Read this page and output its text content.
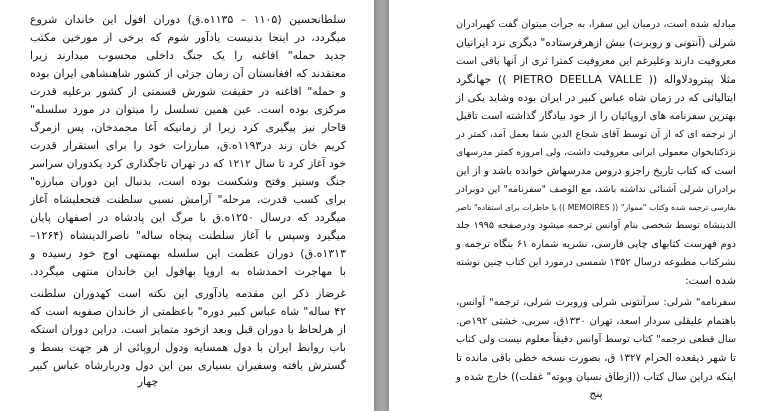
سلطانحسین (۱۱۰۵ – ۱۱۳۵ه.ق) دوران افول این خاندان شروع
میگردد، در اینجا بدنیست یادآور شوم که برخی از مورخین مکتب
جدید حمله" افاغنه را یک جنگ داخلی محسوب میدارند زیرا
معتقدند که افغانستان آن زمان جزئی از کشور شاهنشاهی ایران بوده
و حمله" افاغنه در حقیقت شورش قسمتی از کشور برعلیه قدرت
مرکزی بوده است. عین همین تسلسل را میتوان در مورد سلسله"
قاجار نیز پیگیری کرد زیرا از زمانیکه آغا محمدخان، پس ازمرگ
کریم خان زند در۱۱۹۳ه.ق، مبارزات خود را برای استقرار قدرت
خود آغاز کرد تا سال ۱۲۱۲ که در تهران تاجگذاری کرد یکدوران سراسر
جنگ وستیز وفتح وشکست بوده است، بدنبال این دوران مبارزه"
برای کسب قدرت، مرحله" آرامش نسبی سلطنت فتحعلیشاه آغاز
میگردد که درسال ۱۲۵۰ه.ق با مرگ این پادشاه در اصفهان پایان
میگیرد وسپس با آغاز سلطنت پنجاه ساله" ناصرالدینشاه (۱۲۶۴–
۱۳۱۳ه.ق) دوران عظمت این سلسله بهمنتهی اوج خود رسیده و
با مهاجرت احمدشاه به اروپا بهافول این خاندان منتهی میگردد.
غرضاز ذکر این مقدمه یادآوری این نکته است کهدوران سلطنت
۴۲ ساله" شاه عباس کبیر دوره" باعظمتی از خاندان صفویه است که
از هرلحاظ با دوران قبل وبعد ازخود متمایز است. دراین دوران استکه
باب روابط ایران با دول همسایه ودول اروپائی از هر جهت بسط و
گسترش یافته وسفیران بسیاری بین این دول ودربارشاه عباس کبیر
چهار
مبادله شده است، درمیان این سفرا، به جرأت میتوان گفت کهبرادران
شرلی (آنتونی و روبرت) بیش ازهرفرستاده" دیگری نزد ایرانیان
معروفیت دارند وعلیرغم این معروفیت کمترا ثری از آنها باقی است
مثلا پیترودلاواله (( PIETRO DEELLA VALLE )) جهانگرد
ایتالیائی که در زمان شاه عباس کبیر در ایران بوده وشاید یکی از
بهترین سفرنامه های اروپائیان را از خود بیادگار گذاشته است تاقبل
از ترجمه ای که از آن توسط آقای شجاع الدین شفا بعمل آمد، کمتر در
نزدکتابخوان معمولی ایرانی معروفیت داشت، ولی امروزه کمتر مدرسهای
است که کتاب تاریخ راجزو دروس مدرسهاش خوانده باشد و از این
برادران شرلی آشنائی نداشته باشد، مع الوصف "سفرنامه" این دوبرادر
بفارسی ترجمه شده وکتاب "مموار" (( MEMOIRES )) یا خاطرات برای استفاده" ناصر
الدینشاه توسط شخصی بنام آوانس ترجمه میشود ودرصفحه ۱۹۹۵ جلد
دوم فهرست کتابهای چاپی فارسی، نشریه شماره ۶۱ بنگاه ترجمه و
نشرکتاب مطبوعه درسال ۱۳۵۲ شمسی درمورد این کتاب چنین نوشته
شده است:
سفرنامه" شرلی: سرآنتونی شرلی وروبرت شرلی، ترجمه" آوانس،
باهتمام علیقلی سردار اسعد، تهران ۱۳۳۰ق، سربی، خشتی ۱۹۲ص.
سال قطعی ترجمه" کتاب توسط آوانس دقیقاً معلوم نیست ولی کتاب
تا شهر ذیقعده الحرام ۱۳۲۷ ق، بصورت نسخه خطی باقی مانده تا
اینکه دراین سال کتاب ((ازطاق نسیان وبوته" غفلت)) خارج شده و
پنج
